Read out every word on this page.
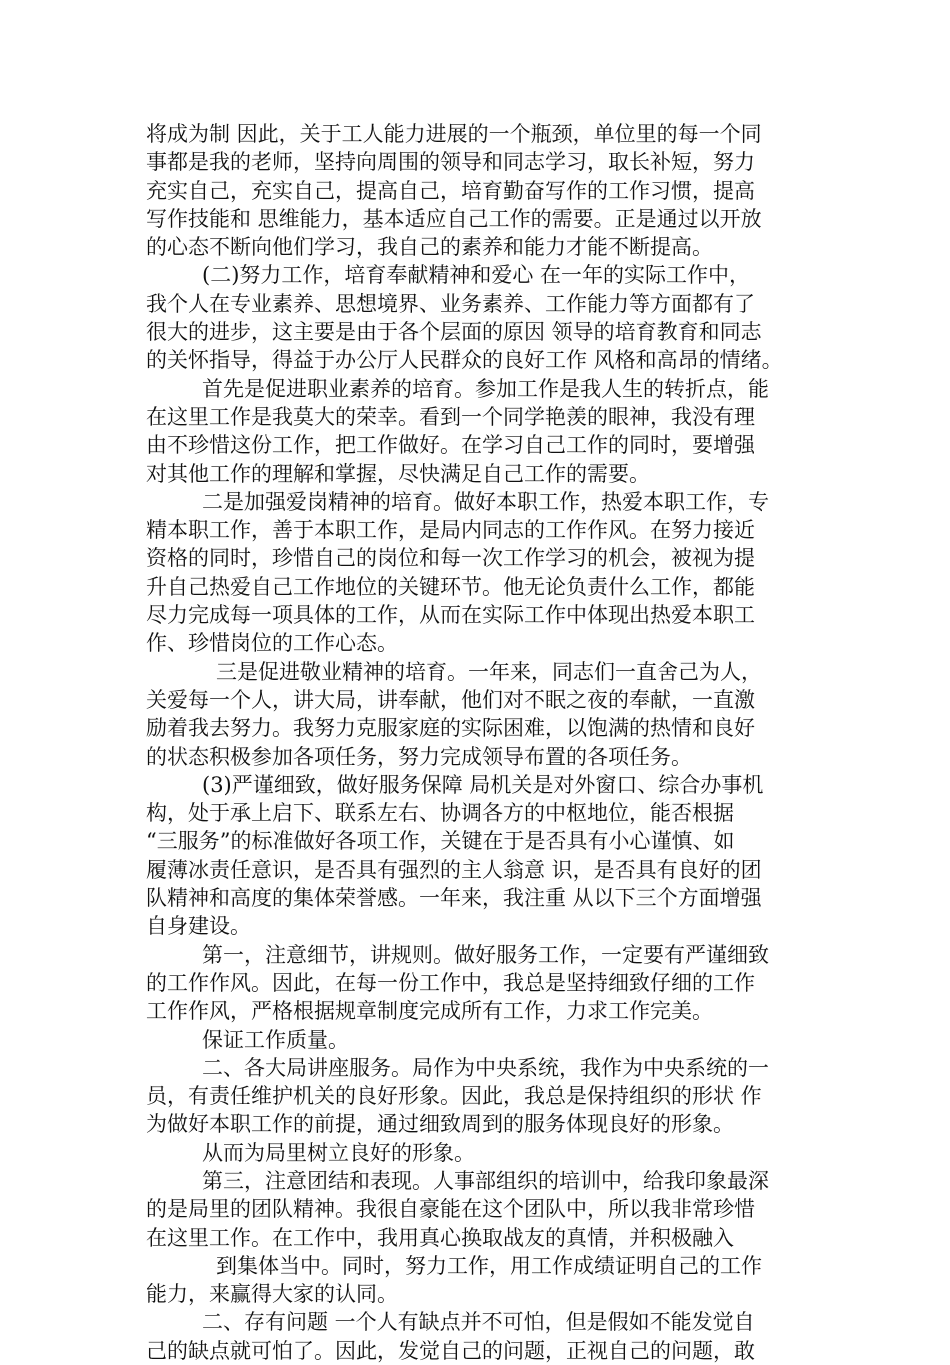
将成为制 因此，关于工人能力进展的一个瓶颈，单位里的每一个同
事都是我的老师，坚持向周围的领导和同志学习，取长补短，努力
充实自己，充实自己，提高自己，培育勤奋写作的工作习惯，提高
写作技能和 思维能力，基本适应自己工作的需要。正是通过以开放
的心态不断向他们学习，我自己的素养和能力才能不断提高。
(二)努力工作，培育奉献精神和爱心 在一年的实际工作中，
我个人在专业素养、思想境界、业务素养、工作能力等方面都有了
很大的进步，这主要是由于各个层面的原因 领导的培育教育和同志
的关怀指导，得益于办公厅人民群众的良好工作 风格和高昂的情绪。
首先是促进职业素养的培育。参加工作是我人生的转折点，能
在这里工作是我莫大的荣幸。看到一个同学艳羡的眼神，我没有理
由不珍惜这份工作，把工作做好。在学习自己工作的同时，要增强
对其他工作的理解和掌握，尽快满足自己工作的需要。
二是加强爱岗精神的培育。做好本职工作，热爱本职工作，专
精本职工作，善于本职工作，是局内同志的工作作风。在努力接近
资格的同时，珍惜自己的岗位和每一次工作学习的机会，被视为提
升自己热爱自己工作地位的关键环节。他无论负责什么工作，都能
尽力完成每一项具体的工作，从而在实际工作中体现出热爱本职工
作、珍惜岗位的工作心态。
三是促进敬业精神的培育。一年来，同志们一直舍己为人，
关爱每一个人，讲大局，讲奉献，他们对不眠之夜的奉献，一直激
励着我去努力。我努力克服家庭的实际困难，以饱满的热情和良好
的状态积极参加各项任务，努力完成领导布置的各项任务。
(3)严谨细致，做好服务保障 局机关是对外窗口、综合办事机
构，处于承上启下、联系左右、协调各方的中枢地位，能否根据
“三服务”的标准做好各项工作，关键在于是否具有小心谨慎、如
履薄冰责任意识，是否具有强烈的主人翁意 识，是否具有良好的团
队精神和高度的集体荣誉感。一年来，我注重 从以下三个方面增强
自身建设。
第一，注意细节，讲规则。做好服务工作，一定要有严谨细致
的工作作风。因此，在每一份工作中，我总是坚持细致仔细的工作
工作作风，严格根据规章制度完成所有工作，力求工作完美。
保证工作质量。
二、各大局讲座服务。局作为中央系统，我作为中央系统的一
员，有责任维护机关的良好形象。因此，我总是保持组织的形状 作
为做好本职工作的前提，通过细致周到的服务体现良好的形象。
从而为局里树立良好的形象。
第三，注意团结和表现。人事部组织的培训中，给我印象最深
的是局里的团队精神。我很自豪能在这个团队中，所以我非常珍惜
在这里工作。在工作中，我用真心换取战友的真情，并积极融入
到集体当中。同时，努力工作，用工作成绩证明自己的工作
能力，来赢得大家的认同。
二、存有问题 一个人有缺点并不可怕，但是假如不能发觉自
己的缺点就可怕了。因此，发觉自己的问题，正视自己的问题，敢
